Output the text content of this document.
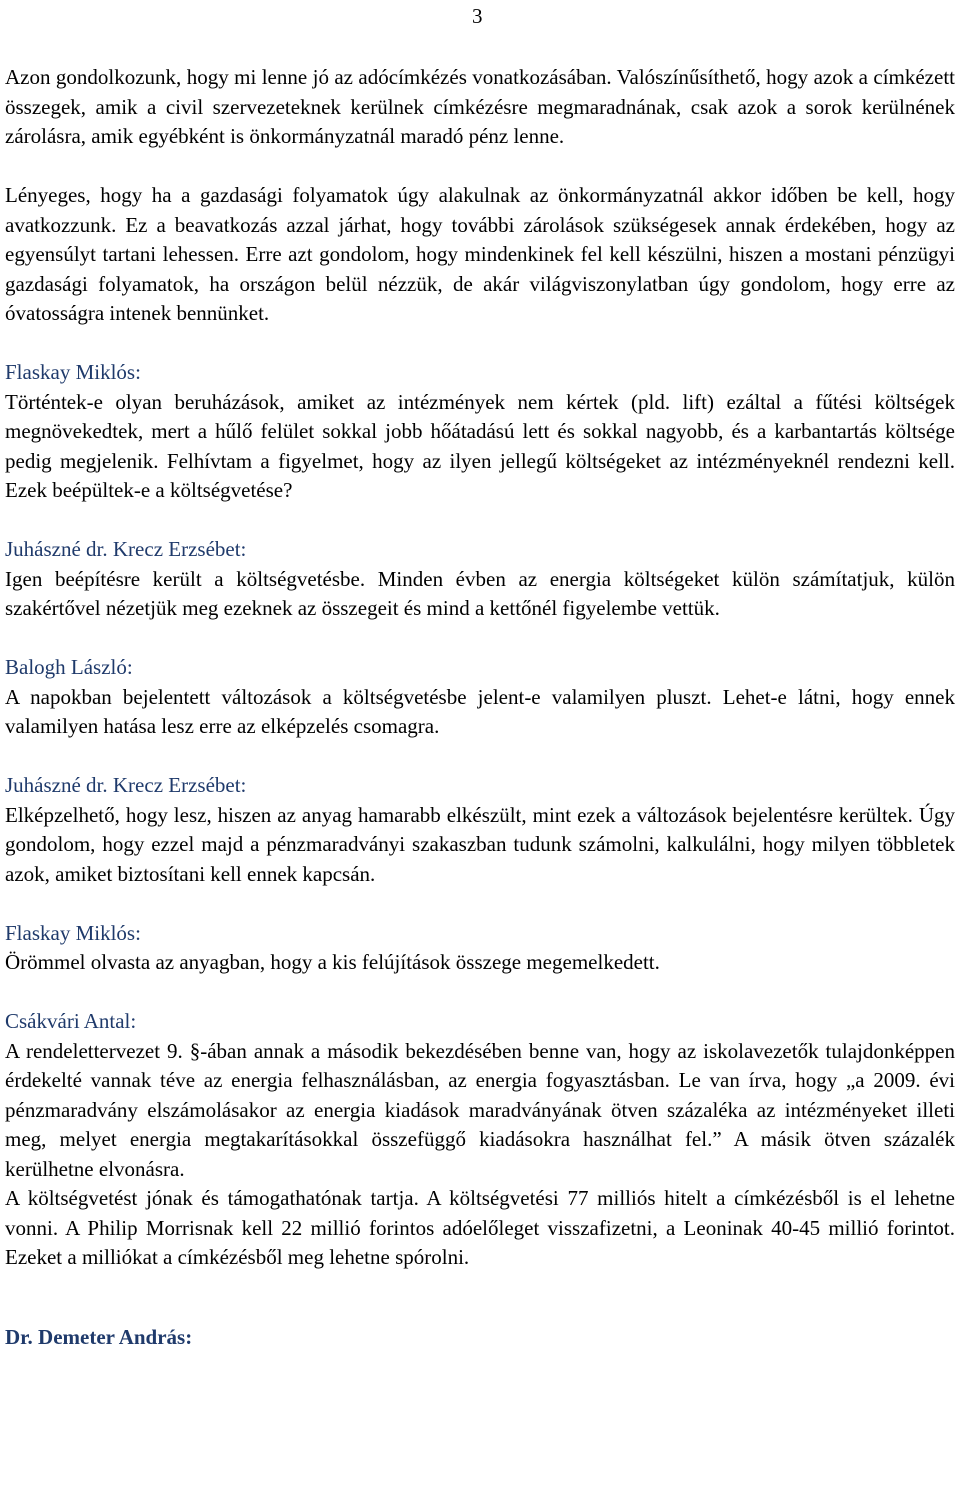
3

Azon gondolkozunk, hogy mi lenne jó az adócímkézés vonatkozásában. Valószínűsíthető, hogy azok a címkézett összegek, amik a civil szervezeteknek kerülnek címkézésre megmaradnának, csak azok a sorok kerülnének zárolásra, amik egyébként is önkormányzatnál maradó pénz lenne.

Lényeges, hogy ha a gazdasági folyamatok úgy alakulnak az önkormányzatnál akkor időben be kell, hogy avatkozzunk. Ez a beavatkozás azzal járhat, hogy további zárolások szükségesek annak érdekében, hogy az egyensúlyt tartani lehessen. Erre azt gondolom, hogy mindenkinek fel kell készülni, hiszen a mostani pénzügyi gazdasági folyamatok, ha országon belül nézzük, de akár világviszonylatban úgy gondolom, hogy erre az óvatosságra intenek bennünket.

Flaskay Miklós:

Történtek-e olyan beruházások, amiket az intézmények nem kértek (pld. lift) ezáltal a fűtési költségek megnövekedtek, mert a hűlő felület sokkal jobb hőátadású lett és sokkal nagyobb, és a karbantartás költsége pedig megjelenik. Felhívtam a figyelmet, hogy az ilyen jellegű költségeket az intézményeknél rendezni kell. Ezek beépültek-e a költségvetése?

Juhászné dr. Krecz Erzsébet:

Igen beépítésre került a költségvetésbe. Minden évben az energia költségeket külön számítatjuk, külön szakértővel nézetjük meg ezeknek az összegeit és mind a kettőnél figyelembe vettük.

Balogh László:

A napokban bejelentett változások a költségvetésbe jelent-e valamilyen pluszt. Lehet-e látni, hogy ennek valamilyen hatása lesz erre az elképzelés csomagra.

Juhászné dr. Krecz Erzsébet:

Elképzelhető, hogy lesz, hiszen az anyag hamarabb elkészült, mint ezek a változások bejelentésre kerültek. Úgy gondolom, hogy ezzel majd a pénzmaradványi szakaszban tudunk számolni, kalkulálni, hogy milyen többletek azok, amiket biztosítani kell ennek kapcsán.

Flaskay Miklós:

Örömmel olvasta az anyagban, hogy a kis felújítások összege megemelkedett.

Csákvári Antal:

A rendelettervezet 9. §-ában annak a második bekezdésében benne van, hogy az iskolavezetők tulajdonképpen érdekelté vannak téve az energia felhasználásban, az energia fogyasztásban. Le van írva, hogy „a 2009. évi pénzmaradvány elszámolásakor az energia kiadások maradványának ötven százaléka az intézményeket illeti meg, melyet energia megtakarításokkal összefüggő kiadásokra használhat fel.” A másik ötven százalék kerülhetne elvonásra.

A költségvetést jónak és támogathatónak tartja. A költségvetési 77 milliós hitelt a címkézésből is el lehetne vonni. A Philip Morrisnak kell 22 millió forintos adóelőleget visszafizetni, a Leoninak 40-45 millió forintot. Ezeket a milliókat a címkézésből meg lehetne spórolni.

Dr. Demeter András:
